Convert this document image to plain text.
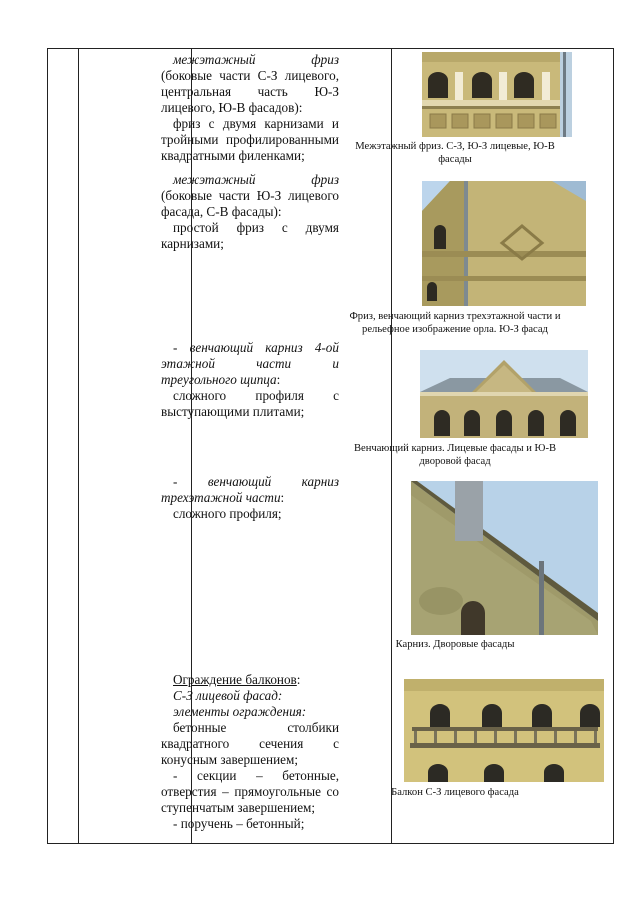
межэтажный фриз (боковые части С-З лицевого, центральная часть Ю-З лицевого, Ю-В фасадов):

фриз с двумя карнизами и тройными профилированными квадратными филенками;

межэтажный фриз (боковые части Ю-З лицевого фасада, С-В фасады):

простой фриз с двумя карнизами;

- венчающий карниз 4-ой этажной части и треугольного щипца:

сложного профиля с выступающими плитами;

- венчающий карниз трехэтажной части:

сложного профиля;

Ограждение балконов:

С-З лицевой фасад:

элементы ограждения:

бетонные столбики квадратного сечения с конусным завершением;

- секции – бетонные, отверстия – прямоугольные со ступенчатым завершением;

- поручень – бетонный;

Межэтажный фриз. С-З, Ю-З лицевые, Ю-В фасады
Фриз, венчающий карниз трехэтажной части и рельефное изображение орла. Ю-З фасад
Венчающий карниз. Лицевые фасады и Ю-В дворовой фасад
Карниз. Дворовые фасады
Балкон С-З лицевого фасада
